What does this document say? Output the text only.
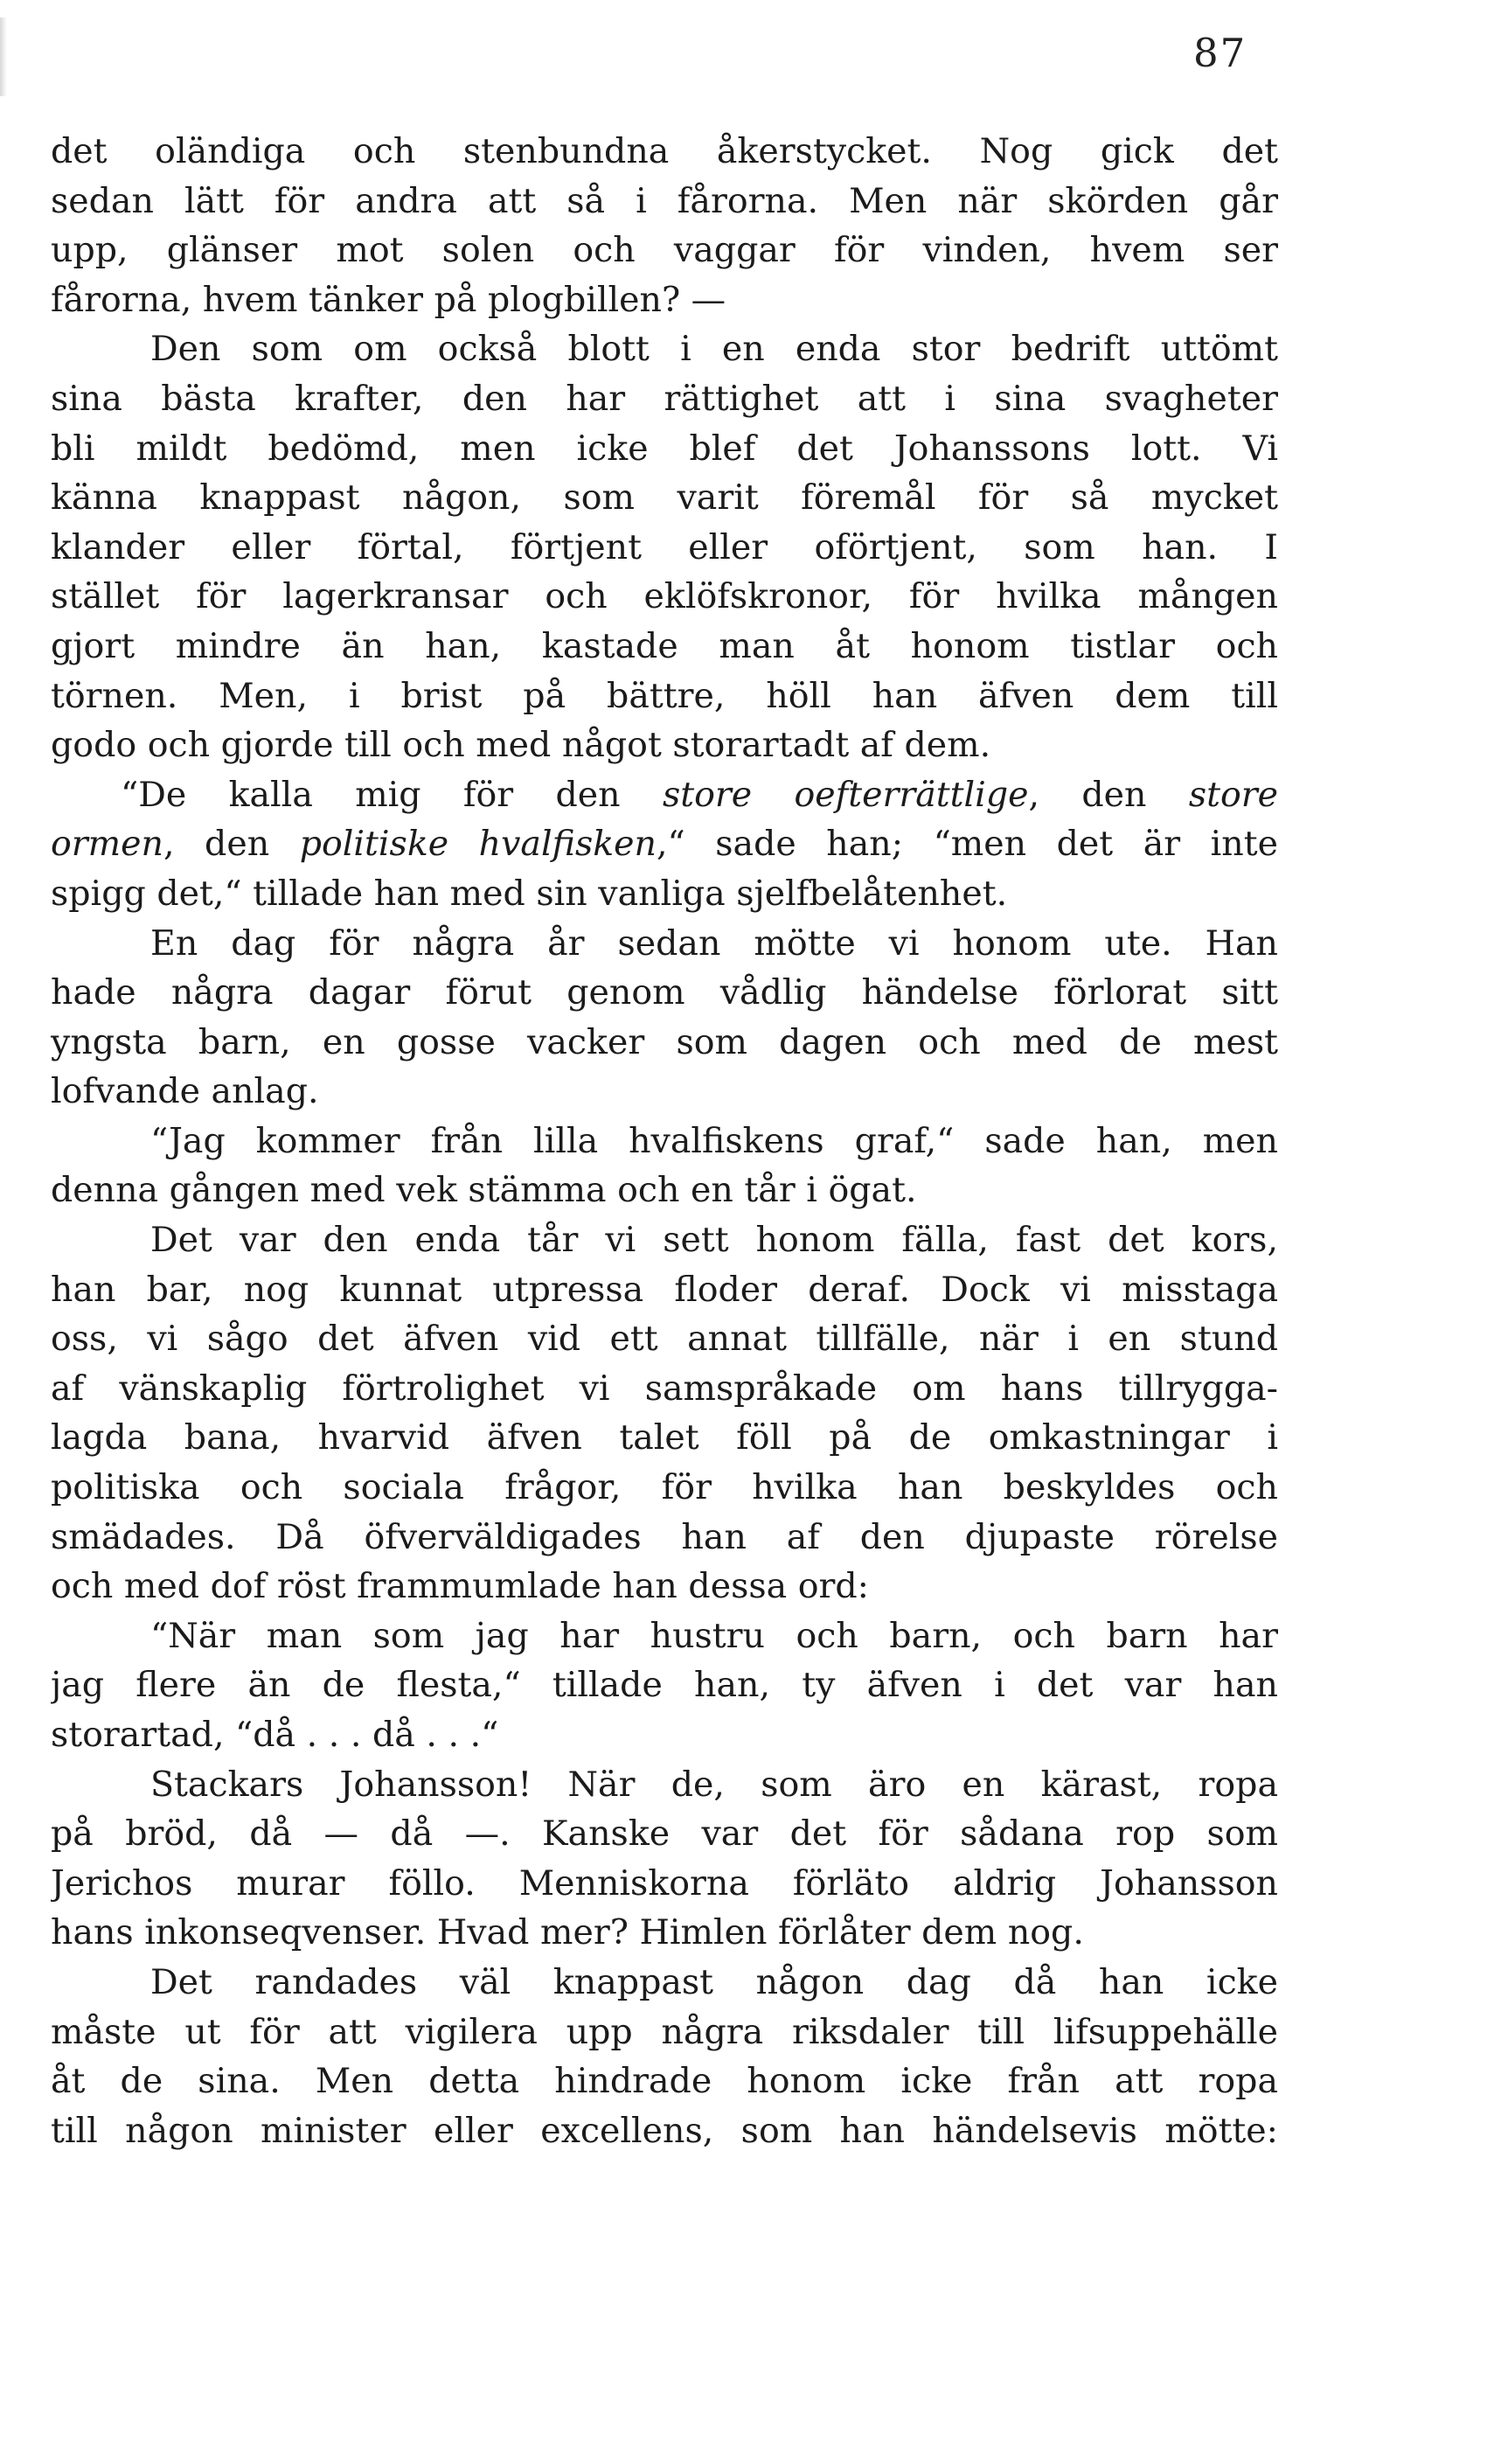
87
det oländiga och stenbundna åkerstycket. Nog gick det
sedan lätt för andra att så i fårorna. Men när skörden går
upp, glänser mot solen och vaggar för vinden, hvem ser
fårorna, hvem tänker på plogbillen? —
Den som om också blott i en enda stor bedrift uttömt
sina bästa krafter, den har rättighet att i sina svagheter
bli mildt bedömd, men icke blef det Johanssons lott. Vi
känna knappast någon, som varit föremål för så mycket
klander eller förtal, förtjent eller oförtjent, som han. I
stället för lagerkransar och eklöfskronor, för hvilka mången
gjort mindre än han, kastade man åt honom tistlar och
törnen. Men, i brist på bättre, höll han äfven dem till
godo och gjorde till och med något storartadt af dem.
“De kalla mig för den store oefterrättlige, den store
ormen, den politiske hvalfisken,“ sade han; “men det är inte
spigg det,“ tillade han med sin vanliga sjelfbelåtenhet.
En dag för några år sedan mötte vi honom ute. Han
hade några dagar förut genom vådlig händelse förlorat sitt
yngsta barn, en gosse vacker som dagen och med de mest
lofvande anlag.
“Jag kommer från lilla hvalfiskens graf,“ sade han, men
denna gången med vek stämma och en tår i ögat.
Det var den enda tår vi sett honom fälla, fast det kors,
han bar, nog kunnat utpressa floder deraf. Dock vi misstaga
oss, vi sågo det äfven vid ett annat tillfälle, när i en stund
af vänskaplig förtrolighet vi samspråkade om hans tillrygga-
lagda bana, hvarvid äfven talet föll på de omkastningar i
politiska och sociala frågor, för hvilka han beskyldes och
smädades. Då öfverväldigades han af den djupaste rörelse
och med dof röst frammumlade han dessa ord:
“När man som jag har hustru och barn, och barn har
jag flere än de flesta,“ tillade han, ty äfven i det var han
storartad, “då . . . då . . .“
Stackars Johansson! När de, som äro en kärast, ropa
på bröd, då — då —. Kanske var det för sådana rop som
Jerichos murar föllo. Menniskorna förläto aldrig Johansson
hans inkonseqvenser. Hvad mer? Himlen förlåter dem nog.
Det randades väl knappast någon dag då han icke
måste ut för att vigilera upp några riksdaler till lifsuppehälle
åt de sina. Men detta hindrade honom icke från att ropa
till någon minister eller excellens, som han händelsevis mötte:
